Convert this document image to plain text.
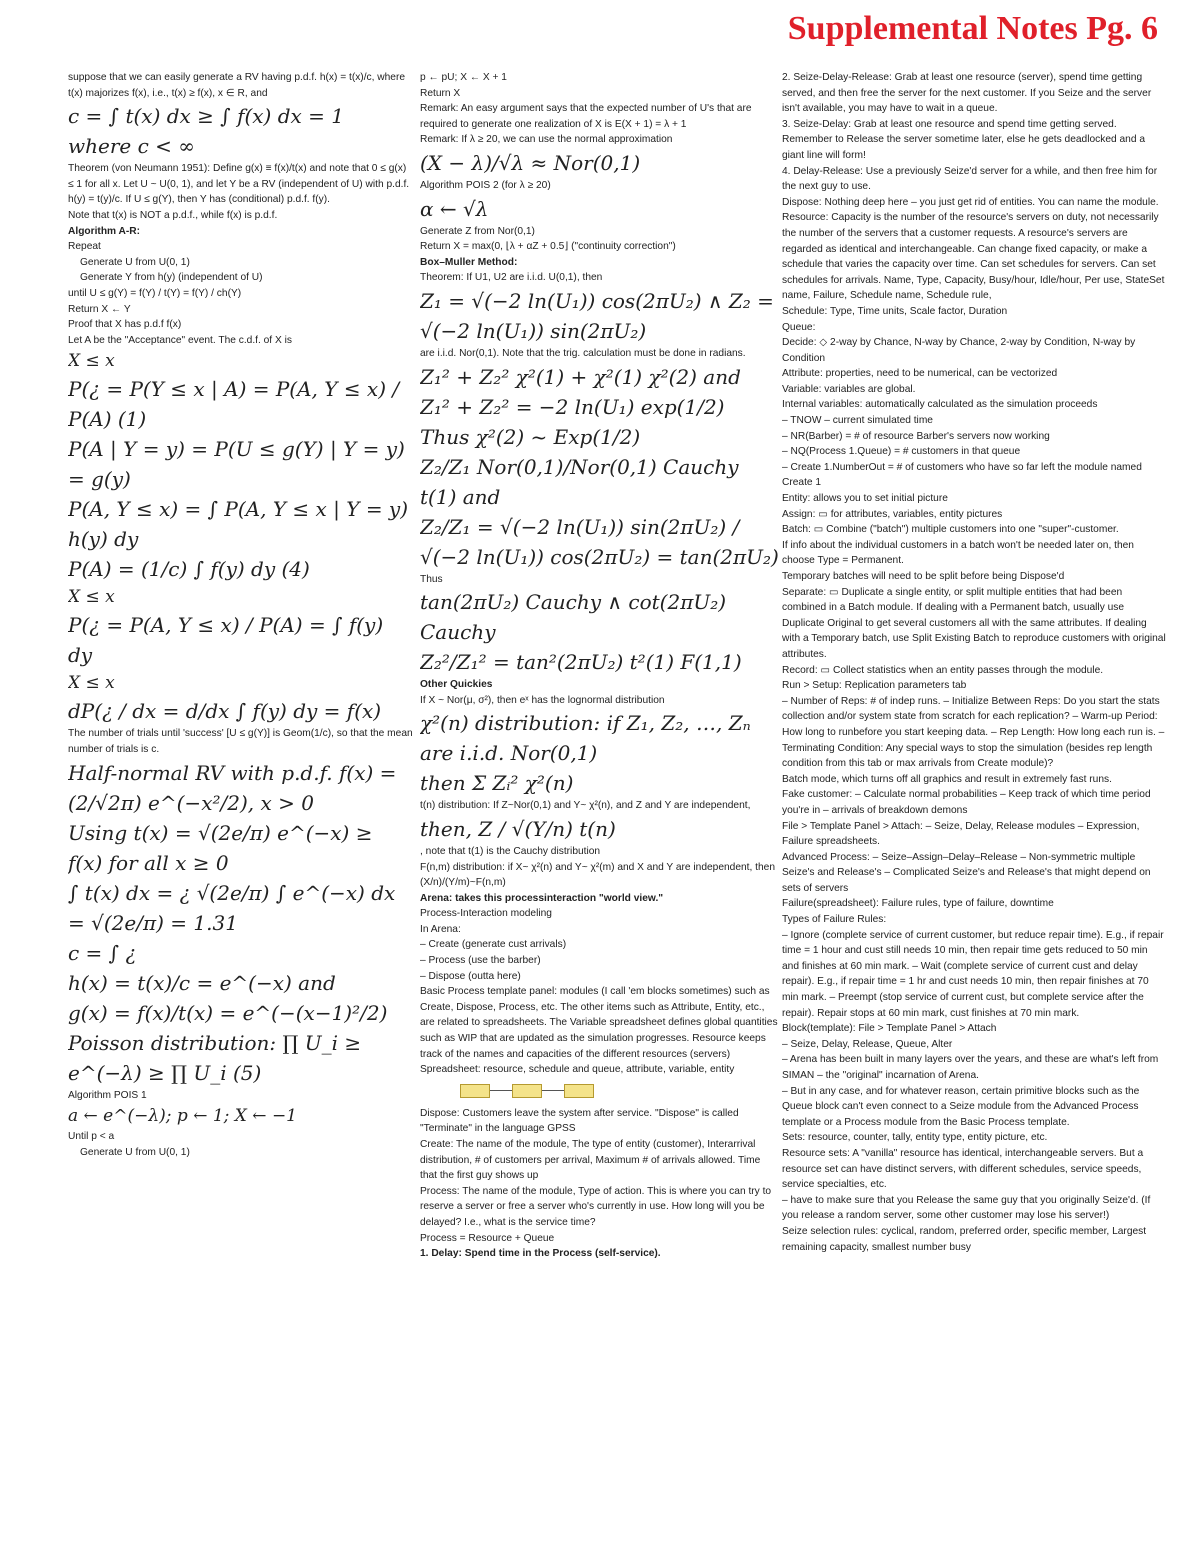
Supplemental Notes Pg. 6

suppose that we can easily generate a RV having p.d.f. h(x) = t(x)/c, where t(x) majorizes f(x), i.e., t(x) ≥ f(x), x ∈ R, and

c = ∫ t(x) dx ≥ ∫ f(x) dx = 1 where c < ∞

Theorem (von Neumann 1951): Define g(x) ≡ f(x)/t(x) and note that 0 ≤ g(x) ≤ 1 for all x. Let U ~ U(0, 1), and let Y be a RV (independent of U) with p.d.f. h(y) = t(y)/c. If U ≤ g(Y), then Y has (conditional) p.d.f. f(y).

Note that t(x) is NOT a p.d.f., while f(x) is p.d.f.

Algorithm A-R:

Repeat

Generate U from U(0, 1)

Generate Y from h(y) (independent of U)

until U ≤ g(Y) = f(Y) / t(Y) = f(Y) / ch(Y)

Return X ← Y

Proof that X has p.d.f f(x)

Let A be the "Acceptance" event. The c.d.f. of X is

X ≤ x

P(¿ = P(Y ≤ x | A) = P(A, Y ≤ x) / P(A) (1)

P(A | Y = y) = P(U ≤ g(Y) | Y = y) = g(y)

P(A, Y ≤ x) = ∫ P(A, Y ≤ x | Y = y) h(y) dy

P(A) = (1/c) ∫ f(y) dy (4)

X ≤ x

P(¿ = P(A, Y ≤ x) / P(A) = ∫ f(y) dy

X ≤ x

dP(¿ / dx = d/dx ∫ f(y) dy = f(x)

The number of trials until 'success' [U ≤ g(Y)] is Geom(1/c), so that the mean number of trials is c.

Half-normal RV with p.d.f. f(x) = (2/√2π) e^(−x²/2), x > 0

Using t(x) = √(2e/π) e^(−x) ≥ f(x) for all x ≥ 0

∫ t(x) dx = ¿ √(2e/π) ∫ e^(−x) dx = √(2e/π) = 1.31

c = ∫ ¿

h(x) = t(x)/c = e^(−x) and

g(x) = f(x)/t(x) = e^(−(x−1)²/2)

Poisson distribution: ∏ U_i ≥ e^(−λ) ≥ ∏ U_i (5)

Algorithm POIS 1

a ← e^(−λ); p ← 1; X ← −1

Until p < a

Generate U from U(0, 1)

p ← pU; X ← X + 1

Return X

Remark: An easy argument says that the expected number of U's that are required to generate one realization of X is E(X + 1) = λ + 1

Remark: If λ ≥ 20, we can use the normal approximation

(X − λ)/√λ ≈ Nor(0,1)

Algorithm POIS 2 (for λ ≥ 20)

α ← √λ

Generate Z from Nor(0,1)

Return X = max(0, ⌊λ + αZ + 0.5⌋ ("continuity correction")

Box–Muller Method:

Theorem: If U1, U2 are i.i.d. U(0,1), then

Z₁ = √(−2 ln(U₁)) cos(2πU₂) ∧ Z₂ = √(−2 ln(U₁)) sin(2πU₂)

are i.i.d. Nor(0,1). Note that the trig. calculation must be done in radians.

Z₁² + Z₂² χ²(1) + χ²(1) χ²(2) and

Z₁² + Z₂² = −2 ln(U₁) exp(1/2)

Thus χ²(2) ~ Exp(1/2)

Z₂/Z₁ Nor(0,1)/Nor(0,1) Cauchy t(1) and

Z₂/Z₁ = √(−2 ln(U₁)) sin(2πU₂) / √(−2 ln(U₁)) cos(2πU₂) = tan(2πU₂)

Thus

tan(2πU₂) Cauchy ∧ cot(2πU₂) Cauchy

Z₂²/Z₁² = tan²(2πU₂) t²(1) F(1,1)

Other Quickies

If X ~ Nor(μ, σ²), then eˣ has the lognormal distribution

χ²(n) distribution: if Z₁, Z₂, …, Zₙ are i.i.d. Nor(0,1)

then Σ Zᵢ² χ²(n)

t(n) distribution: If Z~Nor(0,1) and Y~ χ²(n), and Z and Y are independent,

then, Z / √(Y/n) t(n)

, note that t(1) is the Cauchy distribution

F(n,m) distribution: if X~ χ²(n) and Y~ χ²(m) and X and Y are independent, then (X/n)/(Y/m)~F(n,m)

Arena: takes this processinteraction "world view."

Process-Interaction modeling

In Arena:

– Create (generate cust arrivals)

– Process (use the barber)

– Dispose (outta here)

Basic Process template panel: modules (I call 'em blocks sometimes) such as Create, Dispose, Process, etc. The other items such as Attribute, Entity, etc., are related to spreadsheets. The Variable spreadsheet defines global quantities such as WIP that are updated as the simulation progresses. Resource keeps track of the names and capacities of the different resources (servers)

Spreadsheet: resource, schedule and queue, attribute, variable, entity

Dispose: Customers leave the system after service. "Dispose" is called "Terminate" in the language GPSS

Create: The name of the module, The type of entity (customer), Interarrival distribution, # of customers per arrival, Maximum # of arrivals allowed. Time that the first guy shows up

Process: The name of the module, Type of action. This is where you can try to reserve a server or free a server who's currently in use. How long will you be delayed? I.e., what is the service time?

Process = Resource + Queue

1. Delay: Spend time in the Process (self-service).

2. Seize-Delay-Release: Grab at least one resource (server), spend time getting served, and then free the server for the next customer. If you Seize and the server isn't available, you may have to wait in a queue.

3. Seize-Delay: Grab at least one resource and spend time getting served. Remember to Release the server sometime later, else he gets deadlocked and a giant line will form!

4. Delay-Release: Use a previously Seize'd server for a while, and then free him for the next guy to use.

Dispose: Nothing deep here – you just get rid of entities. You can name the module.

Resource: Capacity is the number of the resource's servers on duty, not necessarily the number of the servers that a customer requests. A resource's servers are regarded as identical and interchangeable. Can change fixed capacity, or make a schedule that varies the capacity over time. Can set schedules for servers. Can set schedules for arrivals. Name, Type, Capacity, Busy/hour, Idle/hour, Per use, StateSet name, Failure, Schedule name, Schedule rule,

Schedule: Type, Time units, Scale factor, Duration

Queue:

Decide: ◇ 2-way by Chance, N-way by Chance, 2-way by Condition, N-way by Condition

Attribute: properties, need to be numerical, can be vectorized

Variable: variables are global.

Internal variables: automatically calculated as the simulation proceeds

– TNOW – current simulated time

– NR(Barber) = # of resource Barber's servers now working

– NQ(Process 1.Queue) = # customers in that queue

– Create 1.NumberOut = # of customers who have so far left the module named Create 1

Entity: allows you to set initial picture

Assign: ▭ for attributes, variables, entity pictures

Batch: ▭ Combine ("batch") multiple customers into one "super"-customer.

If info about the individual customers in a batch won't be needed later on, then choose Type = Permanent.

Temporary batches will need to be split before being Dispose'd

Separate: ▭ Duplicate a single entity, or split multiple entities that had been combined in a Batch module. If dealing with a Permanent batch, usually use Duplicate Original to get several customers all with the same attributes. If dealing with a Temporary batch, use Split Existing Batch to reproduce customers with original attributes.

Record: ▭ Collect statistics when an entity passes through the module.

Run > Setup: Replication parameters tab

– Number of Reps: # of indep runs. – Initialize Between Reps: Do you start the stats collection and/or system state from scratch for each replication? – Warm-up Period: How long to runbefore you start keeping data. – Rep Length: How long each run is. – Terminating Condition: Any special ways to stop the simulation (besides rep length condition from this tab or max arrivals from Create module)?

Batch mode, which turns off all graphics and result in extremely fast runs.

Fake customer: – Calculate normal probabilities – Keep track of which time period you're in – arrivals of breakdown demons

File > Template Panel > Attach: – Seize, Delay, Release modules – Expression, Failure spreadsheets.

Advanced Process: – Seize–Assign–Delay–Release – Non-symmetric multiple Seize's and Release's – Complicated Seize's and Release's that might depend on sets of servers

Failure(spreadsheet): Failure rules, type of failure, downtime

Types of Failure Rules:

– Ignore (complete service of current customer, but reduce repair time). E.g., if repair time = 1 hour and cust still needs 10 min, then repair time gets reduced to 50 min and finishes at 60 min mark. – Wait (complete service of current cust and delay repair). E.g., if repair time = 1 hr and cust needs 10 min, then repair finishes at 70 min mark. – Preempt (stop service of current cust, but complete service after the repair). Repair stops at 60 min mark, cust finishes at 70 min mark.

Block(template): File > Template Panel > Attach

– Seize, Delay, Release, Queue, Alter

– Arena has been built in many layers over the years, and these are what's left from SIMAN – the "original" incarnation of Arena.

– But in any case, and for whatever reason, certain primitive blocks such as the Queue block can't even connect to a Seize module from the Advanced Process template or a Process module from the Basic Process template.

Sets: resource, counter, tally, entity type, entity picture, etc.

Resource sets: A "vanilla" resource has identical, interchangeable servers. But a resource set can have distinct servers, with different schedules, service speeds, service specialties, etc.

– have to make sure that you Release the same guy that you originally Seize'd. (If you release a random server, some other customer may lose his server!)

Seize selection rules: cyclical, random, preferred order, specific member, Largest remaining capacity, smallest number busy
